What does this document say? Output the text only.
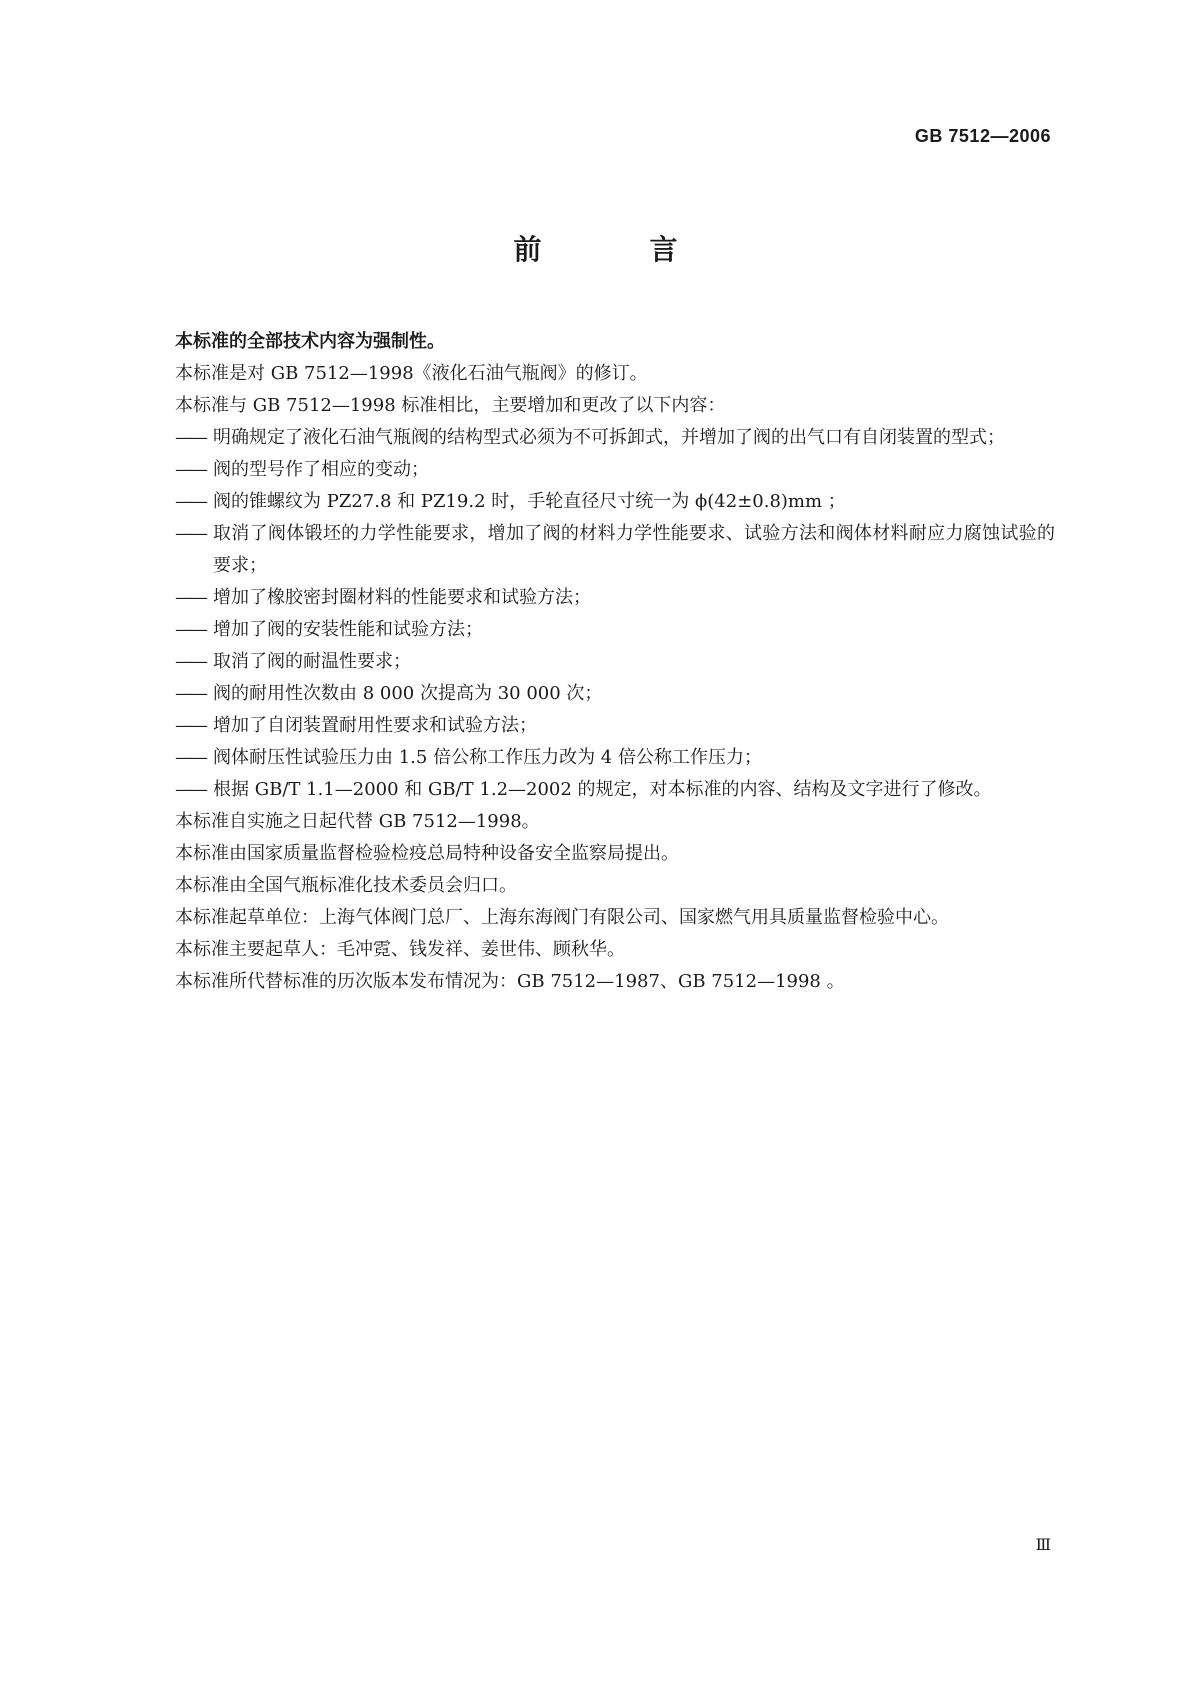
GB 7512—2006
前　言

本标准的全部技术内容为强制性。

本标准是对 GB 7512—1998《液化石油气瓶阀》的修订。

本标准与 GB 7512—1998 标准相比，主要增加和更改了以下内容：

—— 明确规定了液化石油气瓶阀的结构型式必须为不可拆卸式，并增加了阀的出气口有自闭装置的型式；

—— 阀的型号作了相应的变动；

—— 阀的锥螺纹为 PZ27.8 和 PZ19.2 时，手轮直径尺寸统一为 ϕ(42±0.8)mm ；

—— 取消了阀体锻坯的力学性能要求，增加了阀的材料力学性能要求、试验方法和阀体材料耐应力腐蚀试验的要求；

—— 增加了橡胶密封圈材料的性能要求和试验方法；

—— 增加了阀的安装性能和试验方法；

—— 取消了阀的耐温性要求；

—— 阀的耐用性次数由 8 000 次提高为 30 000 次；

—— 增加了自闭装置耐用性要求和试验方法；

—— 阀体耐压性试验压力由 1.5 倍公称工作压力改为 4 倍公称工作压力；

—— 根据 GB/T 1.1—2000 和 GB/T 1.2—2002 的规定，对本标准的内容、结构及文字进行了修改。

本标准自实施之日起代替 GB 7512—1998。

本标准由国家质量监督检验检疫总局特种设备安全监察局提出。

本标准由全国气瓶标准化技术委员会归口。

本标准起草单位：上海气体阀门总厂、上海东海阀门有限公司、国家燃气用具质量监督检验中心。

本标准主要起草人：毛冲霓、钱发祥、姜世伟、顾秋华。

本标准所代替标准的历次版本发布情况为：GB 7512—1987、GB 7512—1998 。

Ⅲ
